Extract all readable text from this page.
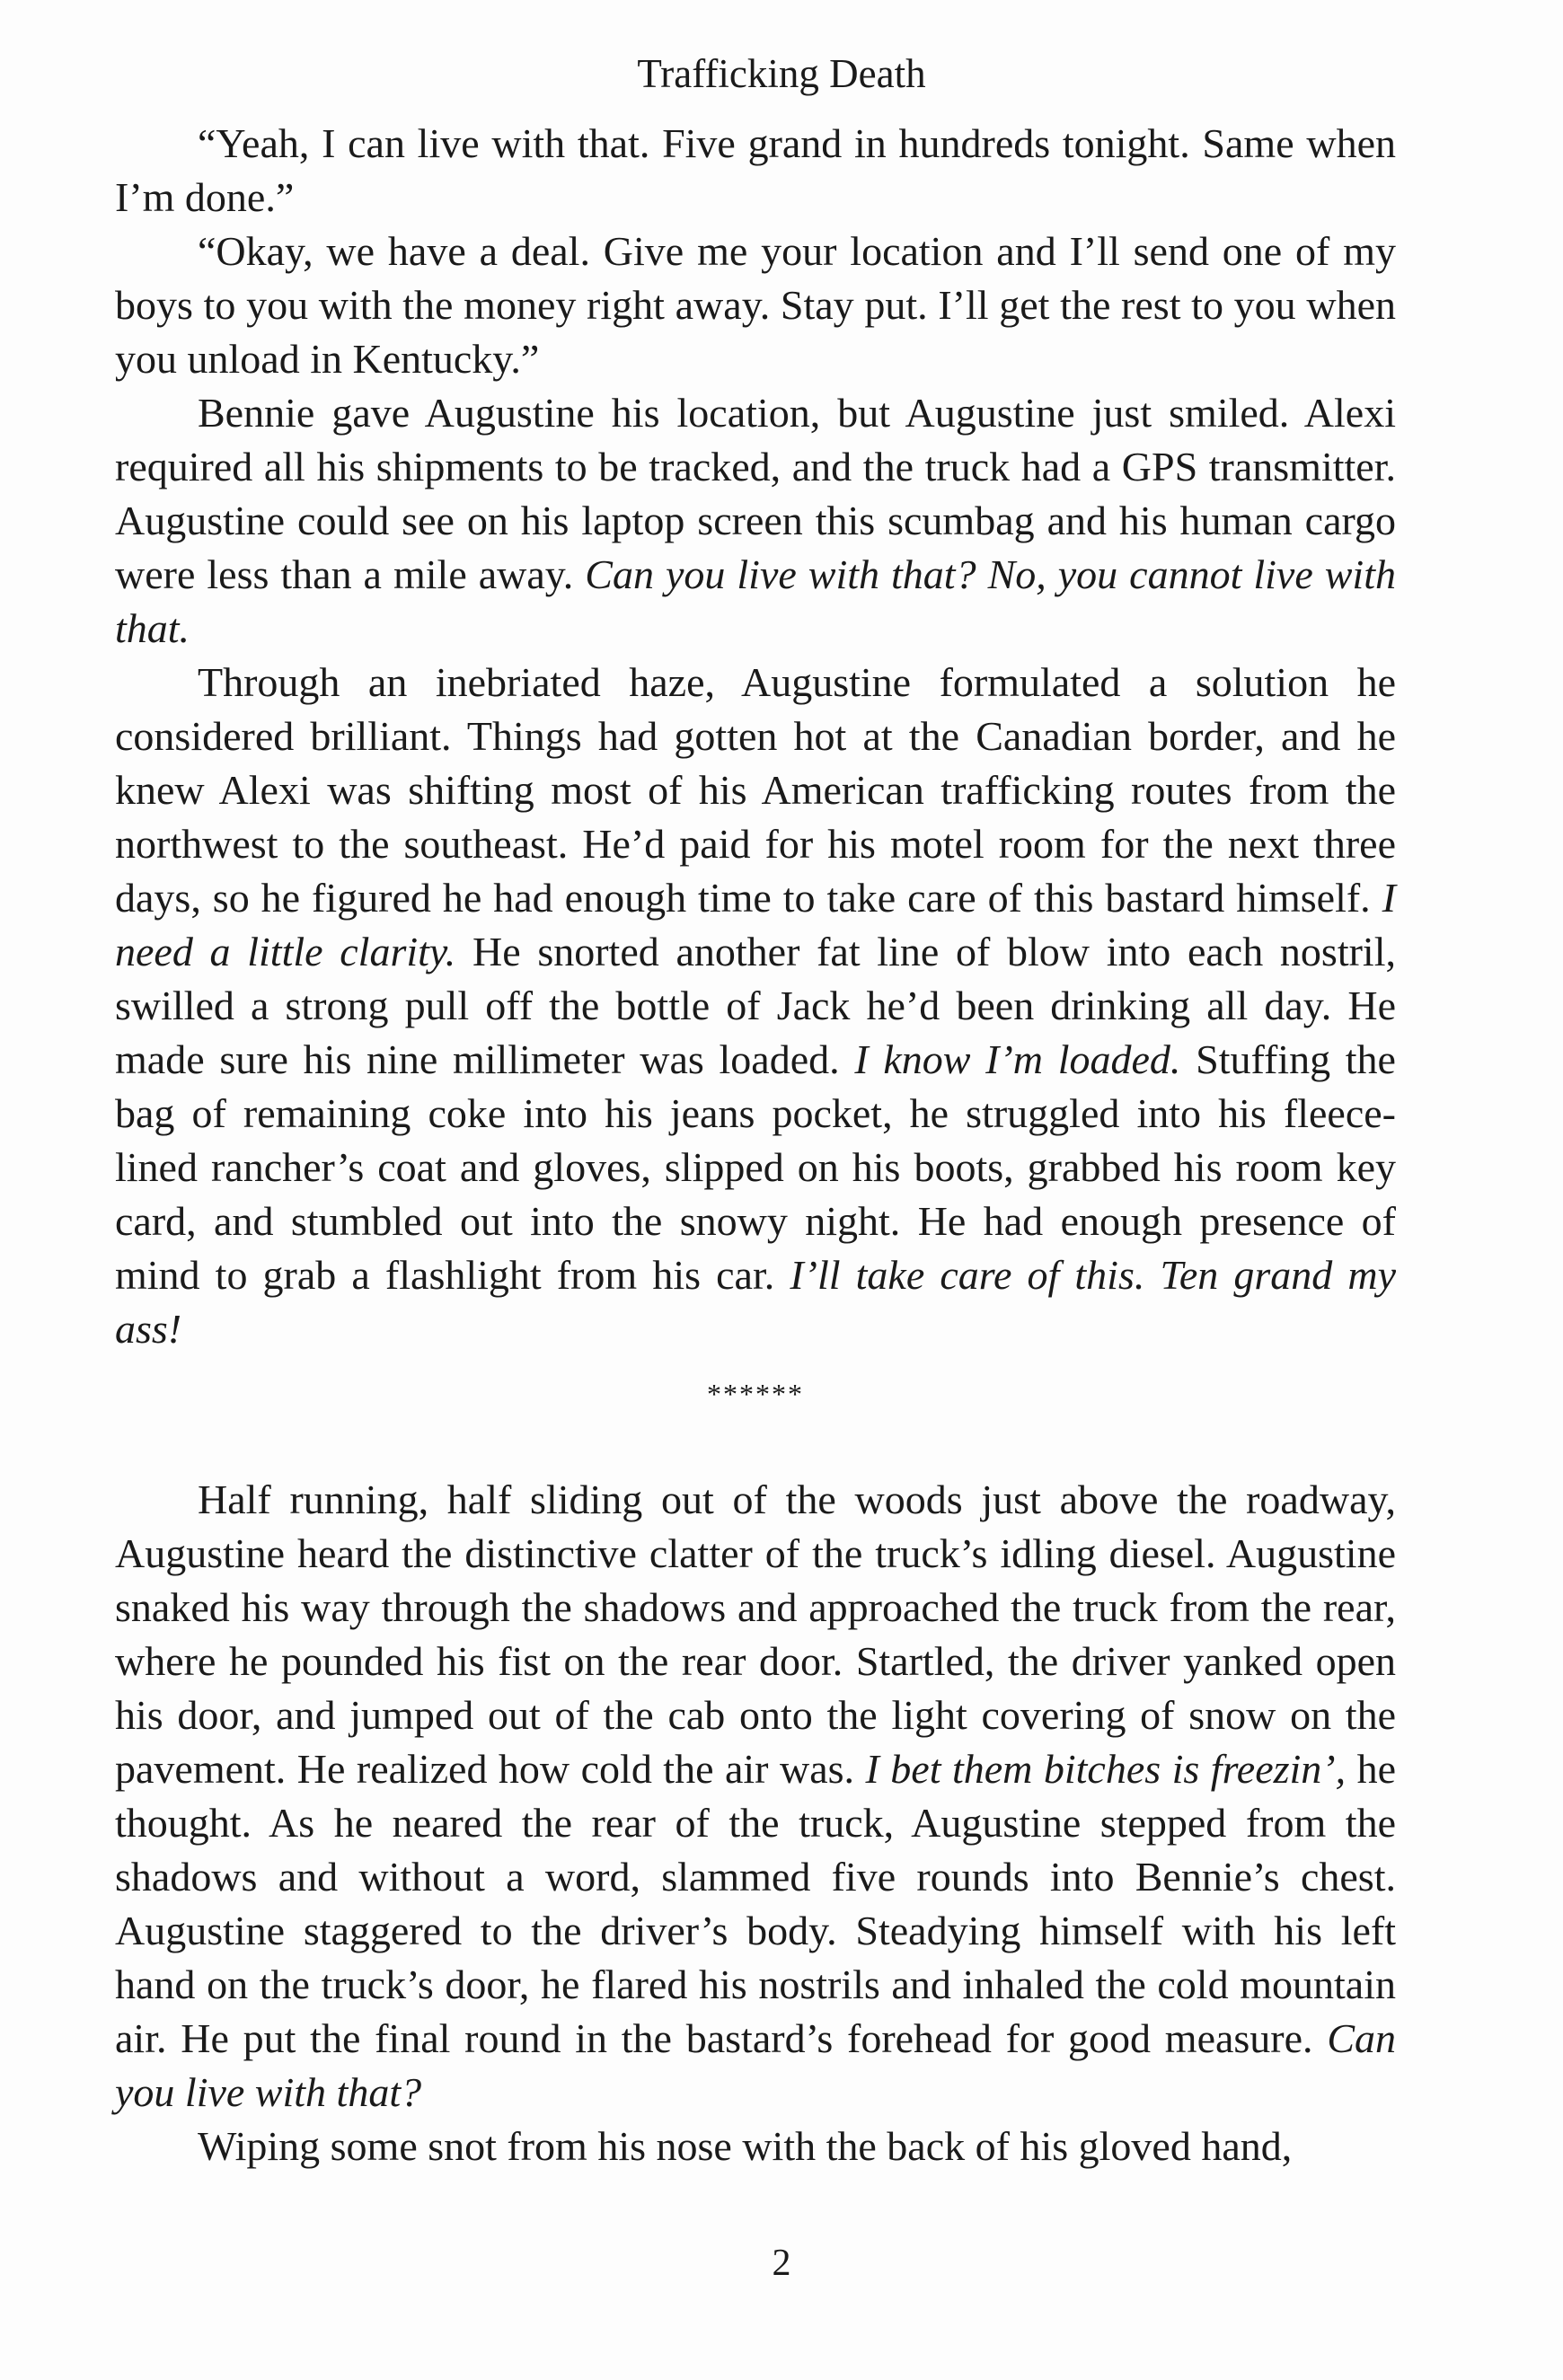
Trafficking Death

“Yeah, I can live with that. Five grand in hundreds tonight. Same when I’m done.”

“Okay, we have a deal. Give me your location and I’ll send one of my boys to you with the money right away. Stay put. I’ll get the rest to you when you unload in Kentucky.”

Bennie gave Augustine his location, but Augustine just smiled. Alexi required all his shipments to be tracked, and the truck had a GPS transmitter. Augustine could see on his laptop screen this scumbag and his human cargo were less than a mile away. Can you live with that? No, you cannot live with that.

Through an inebriated haze, Augustine formulated a solution he considered brilliant. Things had gotten hot at the Canadian border, and he knew Alexi was shifting most of his American trafficking routes from the northwest to the southeast. He’d paid for his motel room for the next three days, so he figured he had enough time to take care of this bastard himself. I need a little clarity. He snorted another fat line of blow into each nostril, swilled a strong pull off the bottle of Jack he’d been drinking all day. He made sure his nine millimeter was loaded. I know I’m loaded. Stuffing the bag of remaining coke into his jeans pocket, he struggled into his fleece-lined rancher’s coat and gloves, slipped on his boots, grabbed his room key card, and stumbled out into the snowy night. He had enough presence of mind to grab a flashlight from his car. I’ll take care of this. Ten grand my ass!

******

Half running, half sliding out of the woods just above the roadway, Augustine heard the distinctive clatter of the truck’s idling diesel. Augustine snaked his way through the shadows and approached the truck from the rear, where he pounded his fist on the rear door. Startled, the driver yanked open his door, and jumped out of the cab onto the light covering of snow on the pavement. He realized how cold the air was. I bet them bitches is freezin’, he thought. As he neared the rear of the truck, Augustine stepped from the shadows and without a word, slammed five rounds into Bennie’s chest. Augustine staggered to the driver’s body. Steadying himself with his left hand on the truck’s door, he flared his nostrils and inhaled the cold mountain air. He put the final round in the bastard’s forehead for good measure. Can you live with that?

Wiping some snot from his nose with the back of his gloved hand,

2
